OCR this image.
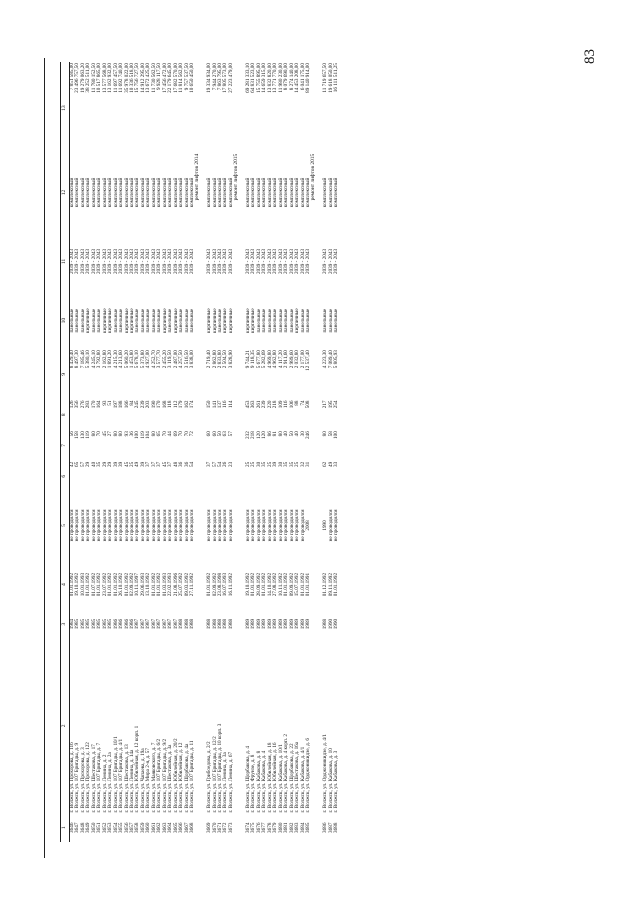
83
1	2	3	4	5	6	7	8	9	10	11	12	13
3646	г. Волжск, ул. Прохорова, д. 116	1984	01.01.1992	не проводился	42	56	126	8 429,40	панельные	2039 - 2043	комплексный	7 851 585,00
3647	г. Волжск, ул. 107 Бригады, д. 9	1985	19.10.1992	не проводился	65	158	356	8 497,30	панельные	2039 - 2043	комплексный	23 496 757,50
3648	г. Волжск, ул. Прохорова, д. 3	1985	10.01.1993	не проводился	57	130	276	7 185,46	панельные	2039 - 2043	комплексный	19 279 063,20
3649	г. Волжск, ул. Прохорова, д. 122	1985	01.01.1992	не проводился	29	119	283	5 380,10	кирпичные	2039 - 2043	комплексный	38 252 511,00
3650	г. Волжск, ул. Шестакова, д. 17	1985	01.07.1992	не проводился	40	80	170	4 245,10	панельные	2039 - 2043	комплексный	11 780 152,50
3651	г. Волжск, ул. 107 Бригады, д. 7	1985	01.01.1992	не проводился	35	70	164	3 792,80	панельные	2039 - 2043	комплексный	10 517 865,00
3652	г. Волжск, ул. Ленина, д. 2	1985	23.07.1992	не проводился	29	45	93	2 162,80	кирпичные	2039 - 2043	комплексный	13 577 568,00
3653	г. Волжск, ул. Ленина, д. 2а	1985	01.01.1992	не проводился	29	27	51	1 891,20	кирпичные	2039 - 2043	комплексный	13 162 932,00
3654	г. Волжск, ул. 107 Бригады, д. 10/1	1986	01.01.1992	не проводился	39	80	197	4 215,30	панельные	2039 - 2043	комплексный	11 697 457,50
3655	г. Волжск, ул. 107 Бригады, д. 4/1	1986	26.10.1992	не проводился	39	80	188	4 213,60	панельные	2039 - 2043	комплексный	11 692 740,00
3656	г. Волжск, ул. Шестакова, д. 13	1986	01.01.1992	не проводился	45	93	166	5 060,20	кирпичные	2039 - 2043	комплексный	35 978 022,00
3657	г. Волжск, ул. Ленина, д. 14а	1986	02.09.1992	не проводился	25	36	84	1 453,80	кирпичные	2039 - 2043	комплексный	10 336 518,00
3658	г. Волжск, ул. Юбилейная, д. 12 корп. 1	1987	10.11.1997	не проводился	49	100	245	5 678,10	панельные	2039 - 2043	комплексный	15 756 727,50
3659	г. Волжск, ул. Чапаева, д. 19а	1987	29.06.1993	не проводился	39	119	239	5 373,80	панельные	2039 - 2043	комплексный	14 912 295,00
3660	г. Волжск, ул. Мира 2-я, д. 57	1987	13.10.1992	не проводился	37	104	203	4 927,00	панельные	2039 - 2043	комплексный	13 672 425,00
3661	г. Волжск, ул. Маяковского, д. 7	1987	01.01.1992	не проводился	37	80	190	4 252,70	панельные	2039 - 2043	комплексный	11 730 562,50
3662	г. Волжск, ул. 107 Бригады, д. 6/2	1987	01.01.1992	не проводился	37	65	170	3 577,70	панельные	2039 - 2043	комплексный	9 928 117,50
3663	г. Волжск, ул. 107 Бригады, д. 9/2	1987	01.03.1993	не проводился	45	70	168	2 455,20	кирпичные	2039 - 2043	комплексный	17 456 472,00
3664	г. Волжск, ул. Шестакова, д. 3а	1987	22.02.1993	не проводился	37	44	118	3 119,50	панельные	2039 - 2043	комплексный	22 179 645,00
3665	г. Волжск, ул. Юбилейная, д. 20/2	1987	21.08.1996	не проводился	48	69	112	2 487,00	кирпичные	2039 - 2043	комплексный	17 682 570,00
3666	г. Волжск, ул. Юбилейная, д. 12	1988	25.07.1992	не проводился	36	70	179	4 257,50	панельные	2039 - 2043	комплексный	11 814 562,00
3667	г. Волжск, ул. Щорбакова, д. 4а	1988	09.03.1992	не проводился	36	70	162	3 516,50	панельные	2039 - 2043	комплексный	9 757 537,50
3668	г. Волжск, ул. 107 Бригады, д. 11	1988	27.11.1992	не проводился	54	72	174	3 838,00	панельные	2039 - 2043	комплексный	10 650 450,00
										ремонт лифтов 2014		

3669	г. Волжск, ул. Грибоедова, д. 2/2	1988	01.01.1992	не проводился	37	60	150	2 719,40	кирпичные	2039 - 2043	комплексный	19 334 934,00
3670	г. Волжск, ул. 107 Бригады, д. 12/2	1988	02.09.1992	не проводился	57	60	141	2 862,80	кирпичные	2039 - 2043	комплексный	7 944 270,00
3671	г. Волжск, ул. 107 Бригады, д. 10 корп. 3	1988	23.08.1998	не проводился	54	50	137	2 833,80	панельные	2039 - 2043	комплексный	7 863 795,00
3672	г. Волжск, ул. Ленина, д. 3а	1988	16.07.1993	не проводился	26	63	116	2 504,50	кирпичные	2039 - 2043	комплексный	17 805 573,00
3673	г. Волжск, ул. Ленина, д. 67	1988	16.11.1992	не проводился	23	57	114	3 828,90	кирпичные	2039 - 2043	комплексный	27 223 479,00
										ремонт лифтов 2015		

3674	г. Волжск, ул. Щорбакова, д. 4	1989	19.10.1992	не проводился	25	232	453	9 744,21	кирпичные	2039 - 2043	комплексный	69 281 333,10
3675	г. Волжск, ул. Фрунзе, д. 8	1989	01.01.1992	не проводился	25	218	363	9 118,35	кирпичные	2039 - 2043	комплексный	64 831 523,00
3676	г. Волжск, ул. Кабакова, д. 8	1989	28.09.1992	не проводился	30	120	261	5 677,80	панельные	2039 - 2043	комплексный	15 755 895,00
3677	г. Волжск, ул. Кабакова, д. 4	1989	01.01.1992	не проводился	35	120	239	5 282,69	панельные	2039 - 2043	комплексный	14 659 315,00
3678	г. Волжск, ул. Юбилейная, д. 18	1989	14.10.1992	не проводился	25	86	220	4 969,80	панельные	2039 - 2043	комплексный	13 832 820,00
3679	г. Волжск, ул. Юбилейная, д. 16	1989	27.08.1992	не проводился	39	81	218	4 962,80	панельные	2039 - 2043	комплексный	13 771 770,00
3680	г. Волжск, ул. Кабакова, д. 10/1	1989	10.11.1992	не проводился	30	80	109	4 117,20	панельные	2039 - 2043	комплексный	11 980 230,00
3681	г. Волжск, ул. Кабакова, д. 4 корп. 2	1989	01.01.1992	не проводился	35	40	116	2 911,60	панельные	2039 - 2043	комплексный	8 079 690,00
3682	г. Волжск, ул. Щорбакова, д. 22	1989	09.09.1992	не проводился	35	50	106	2 989,60	панельные	2039 - 2043	комплексный	8 274 140,00
3683	г. Волжск, ул. Шестакова, д. 16а	1989	15.07.1992	не проводился	25	40	88	2 032,80	кирпичные	2039 - 2043	комплексный	14 453 208,00
3684	г. Волжск, ул. Кабакова, д. 4/1	1989	01.01.1992	не проводился	32	30	74	2 177,00	панельные	2039 - 2043	комплексный	6 041 175,00
3685	г. Волжск, ул. Орджоникидзе, д. 6	1989	01.01.1991	2008	31	246	508	12 537,40	панельные	2039 - 2043	комплексный	89 140 914,00
										ремонт лифтов 2015		

3686	г. Волжск, ул. Орджоникидзе, д. 4/1	1988	01.12.1992	1990	62	80	217	4 223,30	панельные	2039 - 2043	комплексный	11 719 657,50
3687	г. Волжск, ул. Кабакова, д. 10	1990	09.11.1992	не проводился	49	58	195	7 089,40	панельные	2039 - 2043	комплексный	19 618 050,00
3688	г. Волжск, ул. Кабакова, д. 3	1990	01.01.1992	не проводился	33	100	254	5 805,93	панельные	2039 - 2043	комплексный	16 111 511,25
